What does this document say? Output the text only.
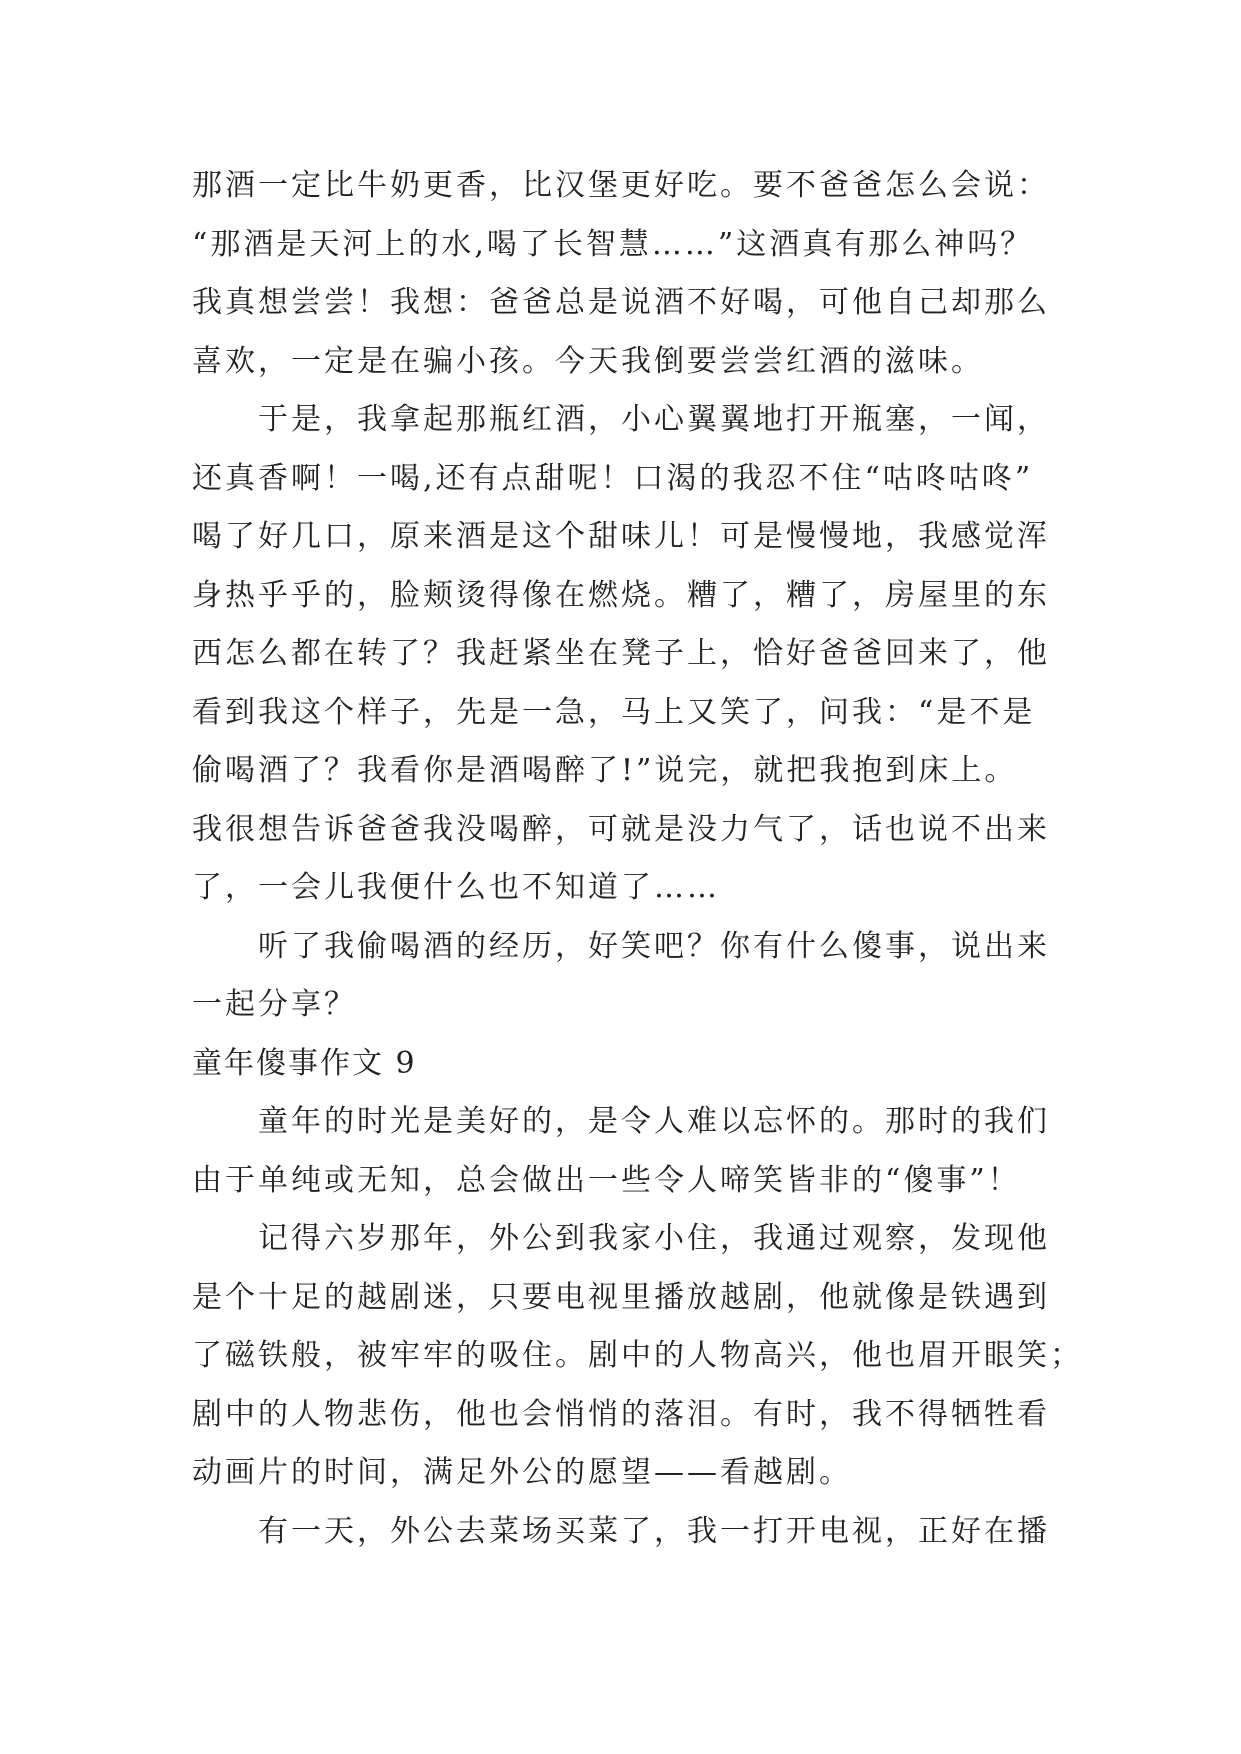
那酒一定比牛奶更香，比汉堡更好吃。要不爸爸怎么会说：
“那酒是天河上的水,喝了长智慧……”这酒真有那么神吗？
我真想尝尝！我想：爸爸总是说酒不好喝，可他自己却那么
喜欢，一定是在骗小孩。今天我倒要尝尝红酒的滋味。
于是，我拿起那瓶红酒，小心翼翼地打开瓶塞，一闻，
还真香啊！一喝,还有点甜呢！口渴的我忍不住“咕咚咕咚”
喝了好几口，原来酒是这个甜味儿！可是慢慢地，我感觉浑
身热乎乎的，脸颊烫得像在燃烧。糟了，糟了，房屋里的东
西怎么都在转了？我赶紧坐在凳子上，恰好爸爸回来了，他
看到我这个样子，先是一急，马上又笑了，问我：“是不是
偷喝酒了？我看你是酒喝醉了!”说完，就把我抱到床上。
我很想告诉爸爸我没喝醉，可就是没力气了，话也说不出来
了，一会儿我便什么也不知道了……
听了我偷喝酒的经历，好笑吧？你有什么傻事，说出来
一起分享？
童年傻事作文 9
童年的时光是美好的，是令人难以忘怀的。那时的我们
由于单纯或无知，总会做出一些令人啼笑皆非的“傻事”！
记得六岁那年，外公到我家小住，我通过观察，发现他
是个十足的越剧迷，只要电视里播放越剧，他就像是铁遇到
了磁铁般，被牢牢的吸住。剧中的人物高兴，他也眉开眼笑；
剧中的人物悲伤，他也会悄悄的落泪。有时，我不得牺牲看
动画片的时间，满足外公的愿望——看越剧。
有一天，外公去菜场买菜了，我一打开电视，正好在播
